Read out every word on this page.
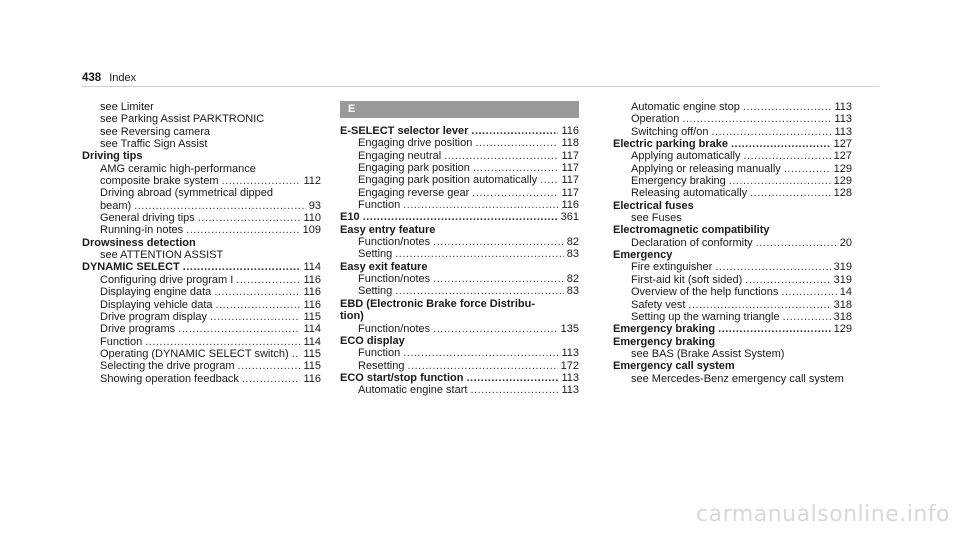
438 Index
see Limiter
see Parking Assist PARKTRONIC
see Reversing camera
see Traffic Sign Assist
Driving tips
AMG ceramic high-performance
composite brake system .....	112
Driving abroad (symmetrical dipped
beam) .....	93
General driving tips .....	110
Running-in notes .....	109
Drowsiness detection
see ATTENTION ASSIST
DYNAMIC SELECT .....	114
Configuring drive program I .....	116
Displaying engine data .....	116
Displaying vehicle data .....	116
Drive program display .....	115
Drive programs .....	114
Function .....	114
Operating (DYNAMIC SELECT switch) ..... 115
Selecting the drive program .....	115
Showing operation feedback .....	116
E
E-SELECT selector lever .....	116
Engaging drive position .....	118
Engaging neutral .....	117
Engaging park position .....	117
Engaging park position automatically ..... 117
Engaging reverse gear .....	117
Function .....	116
E10 .....	361
Easy entry feature
Function/notes .....	82
Setting .....	83
Easy exit feature
Function/notes .....	82
Setting .....	83
EBD (Electronic Brake force Distribu-
tion)
Function/notes .....	135
ECO display
Function .....	113
Resetting .....	172
ECO start/stop function .....	113
Automatic engine start .....	113
Automatic engine stop .....	113
Operation .....	113
Switching off/on .....	113
Electric parking brake .....	127
Applying automatically .....	127
Applying or releasing manually .....	129
Emergency braking .....	129
Releasing automatically .....	128
Electrical fuses
see Fuses
Electromagnetic compatibility
Declaration of conformity .....	20
Emergency
Fire extinguisher .....	319
First-aid kit (soft sided) .....	319
Overview of the help functions .....	14
Safety vest .....	318
Setting up the warning triangle .....	318
Emergency braking .....	129
Emergency braking
see BAS (Brake Assist System)
Emergency call system
see Mercedes-Benz emergency call system
carmanualsonline.info
